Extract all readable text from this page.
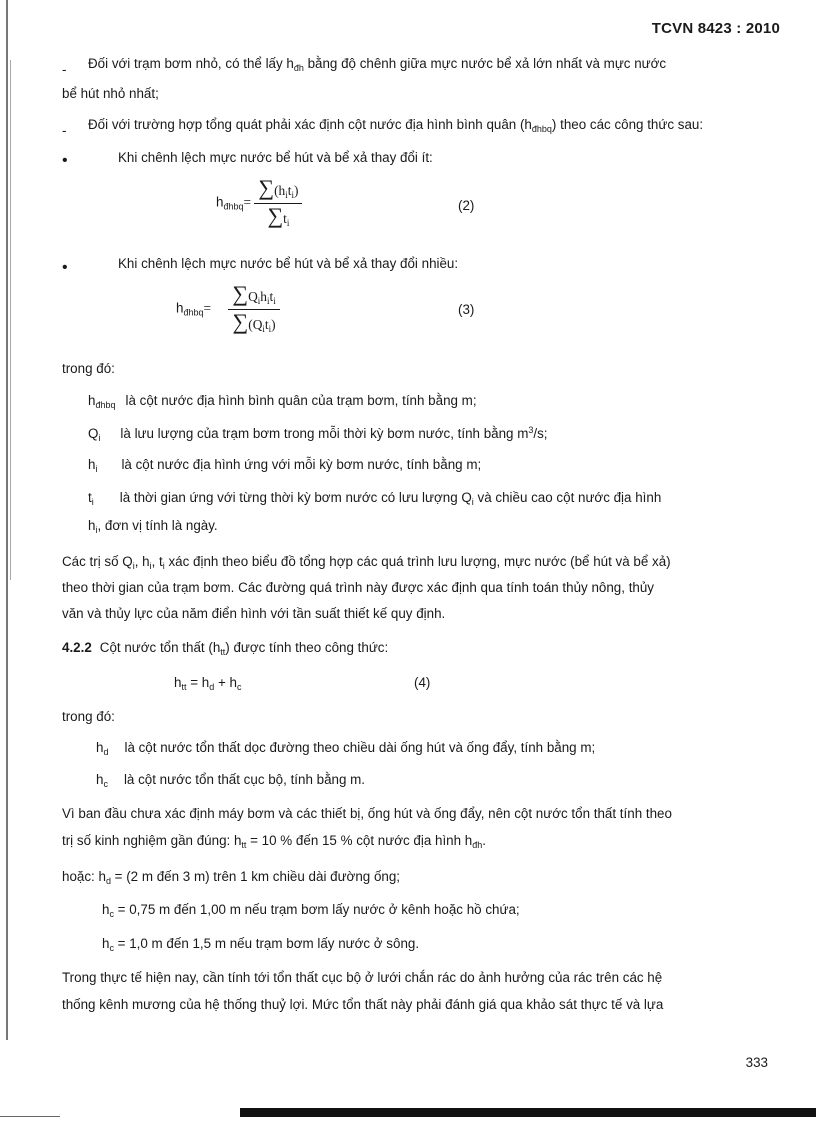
TCVN 8423 : 2010
- Đối với trạm bơm nhỏ, có thể lấy $h_{đh}$ bằng độ chênh giữa mực nước bể xả lớn nhất và mực nước

bể hút nhỏ nhất;

- Đối với trường hợp tổng quát phải xác định cột nước địa hình bình quân $(h_{đhbq})$ theo các công thức sau:

•	Khi chênh lệch mực nước bể hút và bể xả thay đổi ít:

$h_{đhbq}= \frac{\sum(h_it_i)}{\sum t_i}$	(2)
•	Khi chênh lệch mực nước bể hút và bể xả thay đổi nhiều:

$h_{đhbq}= \frac{\sum Q_ih_it_i}{\sum(Q_it_i)}$	(3)

trong đó:

$h_{đhbq}$ là cột nước địa hình bình quân của trạm bơm, tính bằng m;

$Q_i$ là lưu lượng của trạm bơm trong mỗi thời kỳ bơm nước, tính bằng $m^3/s$;

$h_i$ là cột nước địa hình ứng với mỗi kỳ bơm nước, tính bằng m;

$t_i$ là thời gian ứng với từng thời kỳ bơm nước có lưu lượng $Q_i$ và chiều cao cột nước địa hình

$h_i$, đơn vị tính là ngày.

Các trị số $Q_i$, $h_i$, $t_i$ xác định theo biểu đồ tổng hợp các quá trình lưu lượng, mực nước (bể hút và bể xả)

theo thời gian của trạm bơm. Các đường quá trình này được xác định qua tính toán thủy nông, thủy

văn và thủy lực của năm điển hình với tần suất thiết kế quy định.

4.2.2 Cột nước tổn thất $(h_{tt})$ được tính theo công thức:

$h_{tt} = h_d + h_c$	(4)

trong đó:

$h_d$ là cột nước tổn thất dọc đường theo chiều dài ống hút và ống đẩy, tính bằng m;

$h_c$ là cột nước tổn thất cục bộ, tính bằng m.

Vì ban đầu chưa xác định máy bơm và các thiết bị, ống hút và ống đẩy, nên cột nước tổn thất tính theo

trị số kinh nghiệm gần đúng: $h_{tt} = 10$ % đến 15 % cột nước địa hình $h_{đh}$.

hoặc: $h_d = (2$ m đến 3 m) trên 1 km chiều dài đường ống;

$h_c = 0,75$ m đến 1,00 m nếu trạm bơm lấy nước ở kênh hoặc hồ chứa;

$h_c = 1,0$ m đến 1,5 m nếu trạm bơm lấy nước ở sông.

Trong thực tế hiện nay, cần tính tới tổn thất cục bộ ở lưới chắn rác do ảnh hưởng của rác trên các hệ

thống kênh mương của hệ thống thuỷ lợi. Mức tổn thất này phải đánh giá qua khảo sát thực tế và lựa

333
